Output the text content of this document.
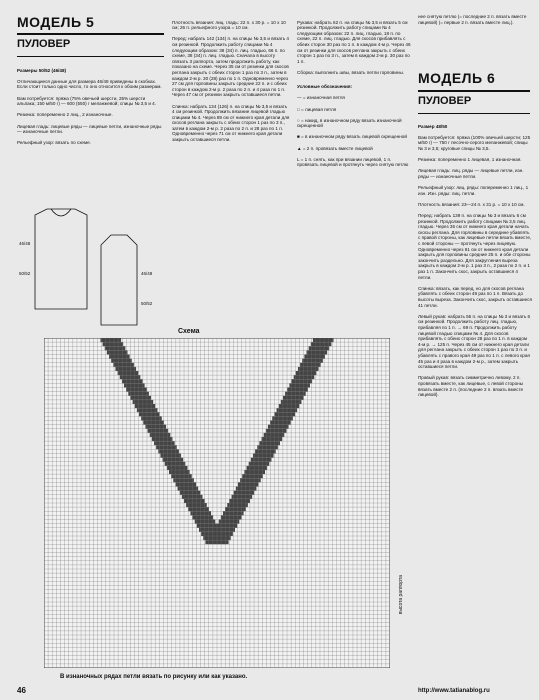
МОДЕЛЬ 5
ПУЛОВЕР

Размеры 50/52 (46/48)

Отличающиеся данные для размера 46/48 приведены в скобках. Если стоит только одно число, то оно относится к обоим размерам.

Вам потребуется: пряжа (75% овечьей шерсти, 25% шерсти альпака; 150 м/50 г) — 600 (550) г меланжевой; спицы № 3,5 и 4.

Резинка: попеременно 2 лиц., 2 изнаночные.

Лицевая гладь: лицевые ряды — лицевые петли, изнаночные ряды — изнаночные петли.

Рельефный узор: вязать по схеме.

46/48
50/52	46/48
50/52

Плотность вязания: лиц. гладь: 22 п. x 30 р. = 10 x 10 см; 26 п. рельефного узора = 10 см.

Перед: набрать 142 (134) п. на спицы № 3,5 и вязать 4 см резинкой. Продолжить работу спицами № 4 следующим образом: 38 (34) п. лиц. гладью, 66 п. по схеме, 38 (34) п. лиц. гладью. Сначала в высоту связать 3 раппорта, затем продолжить работу, как показано на схеме. Через 35 см от резинки для скосов реглана закрыть с обеих сторон 1 раз по 3 п., затем в каждом 2-м р. 30 (28) раз по 1 п. Одновременно через 27 см для горловины закрыть средние 22 п. и с обеих сторон в каждом 2-м р. 2 раза по 2 п. и 4 раза по 1 п. Через 47 см от резинки закрыть оставшиеся петли.

Спинка: набрать 134 (126) п. на спицы № 3,5 и вязать 4 см резинкой. Продолжить вязание лицевой гладью спицами № 4. Через 89 см от нижнего края детали для скосов реглана закрыть с обеих сторон 1 раз по 3 п., затем в каждом 2-м р. 2 раза по 2 п. и 28 раз по 1 п. Одновременно через 71 см от нижнего края детали закрыть оставшиеся петли.

Рукава: набрать 62 п. на спицы № 3,5 и вязать 5 см резинкой. Продолжить работу спицами № 4 следующим образом: 22 п. лиц. гладью, 18 п. по схеме, 22 п. лиц. гладью. Для скосов прибавлять с обеих сторон 30 раз по 1 п. в каждом 4-м р. Через 46 см от резинки для скосов реглана закрыть с обеих сторон 1 раз по 3 п., затем в каждом 2-м р. 30 раз по 1 п.

Сборка: выполнить швы, вязать петли горловины.

Условные обозначения:

— = изнаночная петля

□ = лицевая петля

○ = накид, в изнаночном ряду вязать изнаночной скрещенной

■ = в изнаночном ряду вязать лицевой скрещенной

▲ = 2 п. провязать вместе лицевой

L = 1 п. снять, как при вязании лицевой, 1 п. провязать лицевой и протянуть через снятую петлю

нее снятую петлю (= последние 2 п. вязать вместе лицевой) (= первые 2 п. вязать вместе лиц.).
МОДЕЛЬ 6
ПУЛОВЕР

Размер 48/50

Вам потребуется: пряжа (100% овечьей шерсти; 125 м/50 г) — 750 г песочно-серого меланжевой; спицы № 3 и 3,5; круговые спицы № 3,5.

Резинка: попеременно 1 лицевая, 1 изнаночная.

Лицевая гладь: лиц. ряды — лицевые петли, изн. ряды — изнаночные петли.

Рельефный узор: лиц. ряды: попеременно 1 лиц., 1 изн. Изн. ряды: лиц. петли.

Плотность вязания: 23—24 п. x 31 р. = 10 x 10 см.

Перед: набрать 139 п. на спицы № 3 и вязать 6 см резинкой. Продолжить работу спицами № 3,5 лиц. гладью. Через 36 см от нижнего края детали начать скосы реглана. Для горловины в середине убавлять с правой стороны, как лицевые петли вязать вместе, с левой стороны — протянуть через лицевую. Одновременно через 61 см от нижнего края детали закрыть для горловины средние 25 п. и обе стороны закончить раздельно. Для закругления выреза закрыть в каждом 2-м р. 1 раз 3 п., 2 раза по 2 п. и 1 раз 1 п. Закончить скос, закрыть оставшиеся 4 петли.

Спинка: вязать, как перед, но для скосов реглана убавлять с обеих сторон 49 раз по 1 п. Вязать до высоты выреза. Закончить скос, закрыть оставшиеся 41 петли.

Левый рукав: набрать 55 п. на спицы № 3 и вязать 6 см резинкой. Продолжить работу лиц. гладью, прибавляя по 1 п. → 69 п. Продолжить работу лицевой гладью спицами № 4. Для скосов прибавлять с обеих сторон 28 раз по 1 п. в каждом 4-м р. → 125 п. Через 45 см от нижнего края детали для реглана закрыть с обеих сторон 1 раз по 3 п. и убавлять с правого края 49 раз по 1 п. с левого края 45 раз и 4 раза в каждом 2-м р., затем закрыть оставшиеся петли.

Правый рукав: вязать симметрично левому. 2 п. провязать вместе, как лицевые, с левой стороны вязать вместе 2 п. (последние 2 п. вязать вместе лицевой).

Схема
высота раппорта
В изнаночных рядах петли вязать по рисунку или как указано.
46	http://www.tatianablog.ru
